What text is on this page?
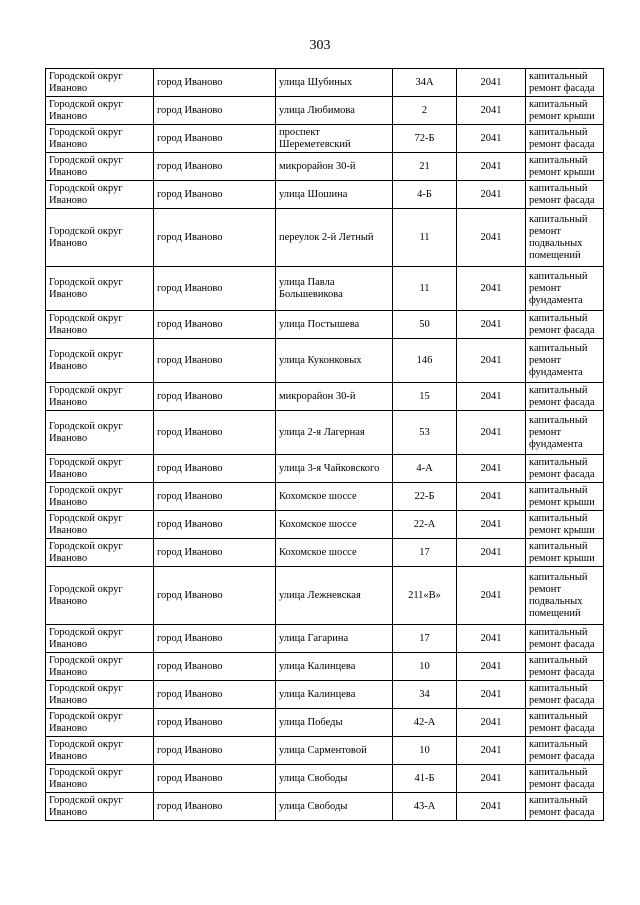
303
Городской округ Иваново	город Иваново	улица Шубиных	34А	2041	капитальный ремонт фасада
Городской округ Иваново	город Иваново	улица Любимова	2	2041	капитальный ремонт крыши
Городской округ Иваново	город Иваново	проспект Шереметевский	72-Б	2041	капитальный ремонт фасада
Городской округ Иваново	город Иваново	микрорайон 30-й	21	2041	капитальный ремонт крыши
Городской округ Иваново	город Иваново	улица Шошина	4-Б	2041	капитальный ремонт фасада
Городской округ Иваново	город Иваново	переулок 2-й Летный	11	2041	капитальный ремонт подвальных помещений
Городской округ Иваново	город Иваново	улица Павла Большевикова	11	2041	капитальный ремонт фундамента
Городской округ Иваново	город Иваново	улица Постышева	50	2041	капитальный ремонт фасада
Городской округ Иваново	город Иваново	улица Куконковых	146	2041	капитальный ремонт фундамента
Городской округ Иваново	город Иваново	микрорайон 30-й	15	2041	капитальный ремонт фасада
Городской округ Иваново	город Иваново	улица 2-я Лагерная	53	2041	капитальный ремонт фундамента
Городской округ Иваново	город Иваново	улица 3-я Чайковского	4-А	2041	капитальный ремонт фасада
Городской округ Иваново	город Иваново	Кохомское шоссе	22-Б	2041	капитальный ремонт крыши
Городской округ Иваново	город Иваново	Кохомское шоссе	22-А	2041	капитальный ремонт крыши
Городской округ Иваново	город Иваново	Кохомское шоссе	17	2041	капитальный ремонт крыши
Городской округ Иваново	город Иваново	улица Лежневская	211«В»	2041	капитальный ремонт подвальных помещений
Городской округ Иваново	город Иваново	улица Гагарина	17	2041	капитальный ремонт фасада
Городской округ Иваново	город Иваново	улица Калинцева	10	2041	капитальный ремонт фасада
Городской округ Иваново	город Иваново	улица Калинцева	34	2041	капитальный ремонт фасада
Городской округ Иваново	город Иваново	улица Победы	42-А	2041	капитальный ремонт фасада
Городской округ Иваново	город Иваново	улица Сарментовой	10	2041	капитальный ремонт фасада
Городской округ Иваново	город Иваново	улица Свободы	41-Б	2041	капитальный ремонт фасада
Городской округ Иваново	город Иваново	улица Свободы	43-А	2041	капитальный ремонт фасада
